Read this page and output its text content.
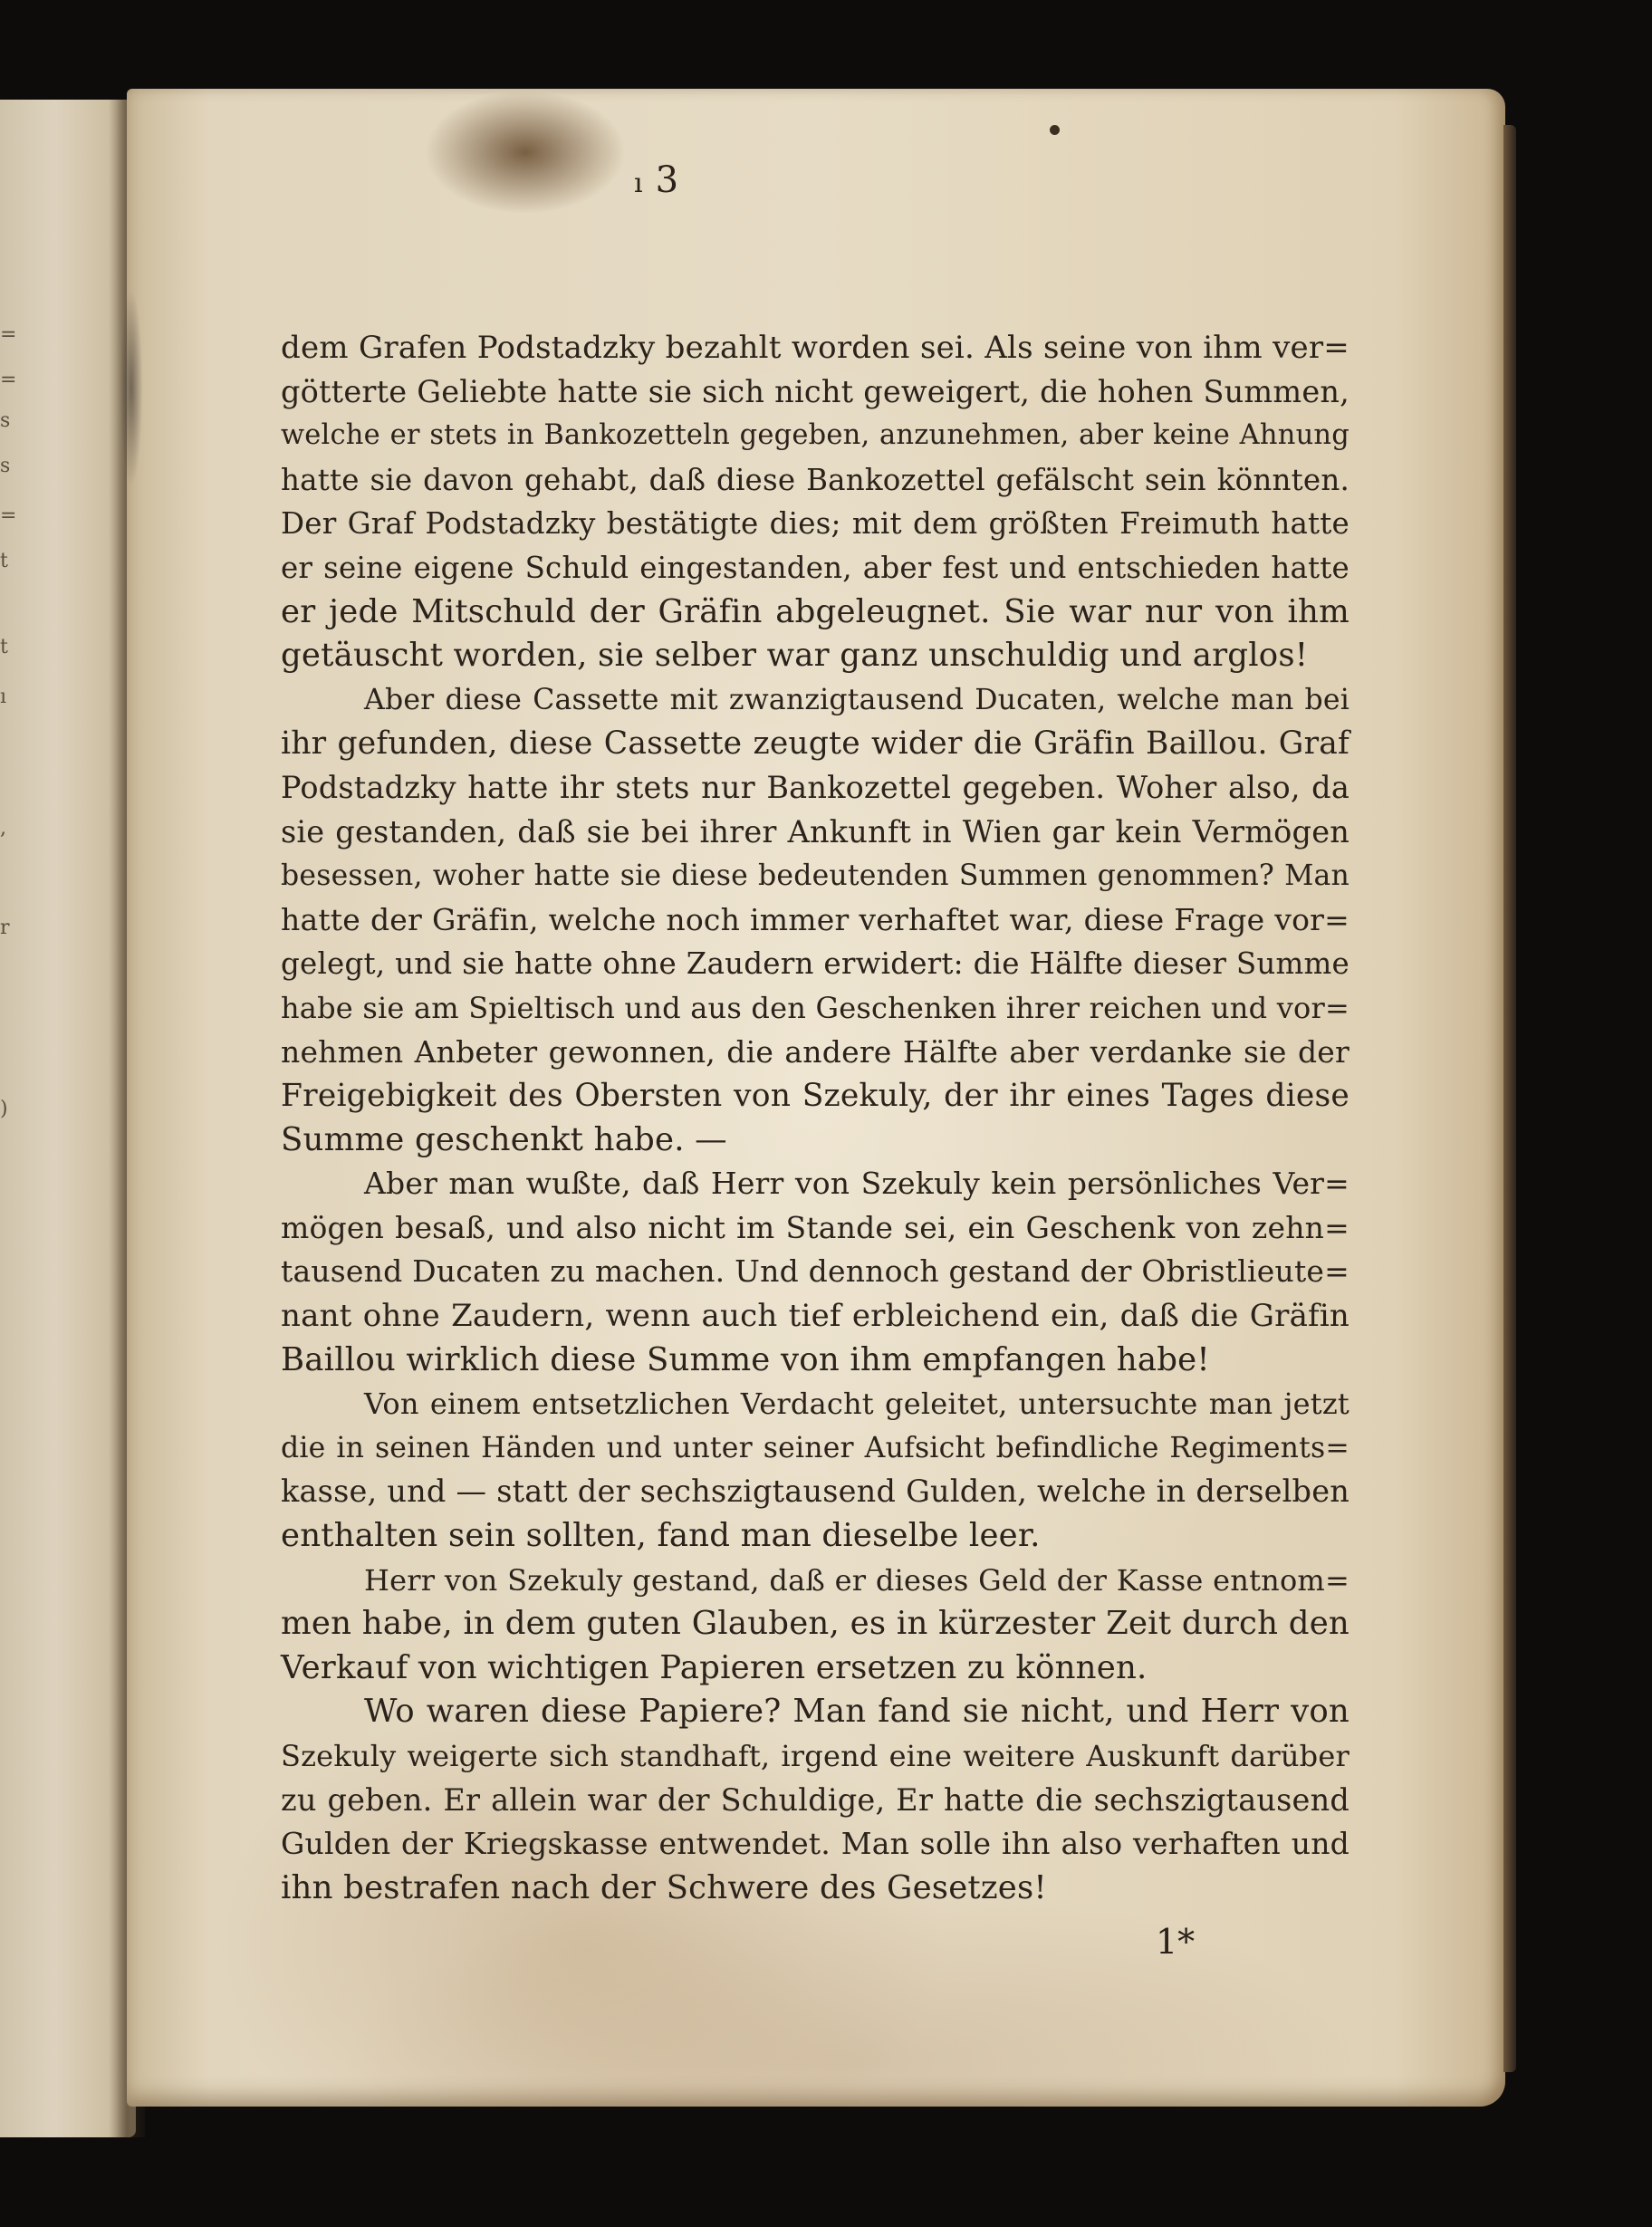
=
=
s
s
=
t
t
ı
,
r
)
ı 3
dem Grafen Podstadzky bezahlt worden sei. Als seine von ihm ver=
götterte Geliebte hatte sie sich nicht geweigert, die hohen Summen,
welche er stets in Bankozetteln gegeben, anzunehmen, aber keine Ahnung
hatte sie davon gehabt, daß diese Bankozettel gefälscht sein könnten.
Der Graf Podstadzky bestätigte dies; mit dem größten Freimuth hatte
er seine eigene Schuld eingestanden, aber fest und entschieden hatte
er jede Mitschuld der Gräfin abgeleugnet. Sie war nur von ihm
getäuscht worden, sie selber war ganz unschuldig und arglos!
Aber diese Cassette mit zwanzigtausend Ducaten, welche man bei
ihr gefunden, diese Cassette zeugte wider die Gräfin Baillou. Graf
Podstadzky hatte ihr stets nur Bankozettel gegeben. Woher also, da
sie gestanden, daß sie bei ihrer Ankunft in Wien gar kein Vermögen
besessen, woher hatte sie diese bedeutenden Summen genommen? Man
hatte der Gräfin, welche noch immer verhaftet war, diese Frage vor=
gelegt, und sie hatte ohne Zaudern erwidert: die Hälfte dieser Summe
habe sie am Spieltisch und aus den Geschenken ihrer reichen und vor=
nehmen Anbeter gewonnen, die andere Hälfte aber verdanke sie der
Freigebigkeit des Obersten von Szekuly, der ihr eines Tages diese
Summe geschenkt habe. —
Aber man wußte, daß Herr von Szekuly kein persönliches Ver=
mögen besaß, und also nicht im Stande sei, ein Geschenk von zehn=
tausend Ducaten zu machen. Und dennoch gestand der Obristlieute=
nant ohne Zaudern, wenn auch tief erbleichend ein, daß die Gräfin
Baillou wirklich diese Summe von ihm empfangen habe!
Von einem entsetzlichen Verdacht geleitet, untersuchte man jetzt
die in seinen Händen und unter seiner Aufsicht befindliche Regiments=
kasse, und — statt der sechszigtausend Gulden, welche in derselben
enthalten sein sollten, fand man dieselbe leer.
Herr von Szekuly gestand, daß er dieses Geld der Kasse entnom=
men habe, in dem guten Glauben, es in kürzester Zeit durch den
Verkauf von wichtigen Papieren ersetzen zu können.
Wo waren diese Papiere? Man fand sie nicht, und Herr von
Szekuly weigerte sich standhaft, irgend eine weitere Auskunft darüber
zu geben. Er allein war der Schuldige, Er hatte die sechszigtausend
Gulden der Kriegskasse entwendet. Man solle ihn also verhaften und
ihn bestrafen nach der Schwere des Gesetzes!
1*
